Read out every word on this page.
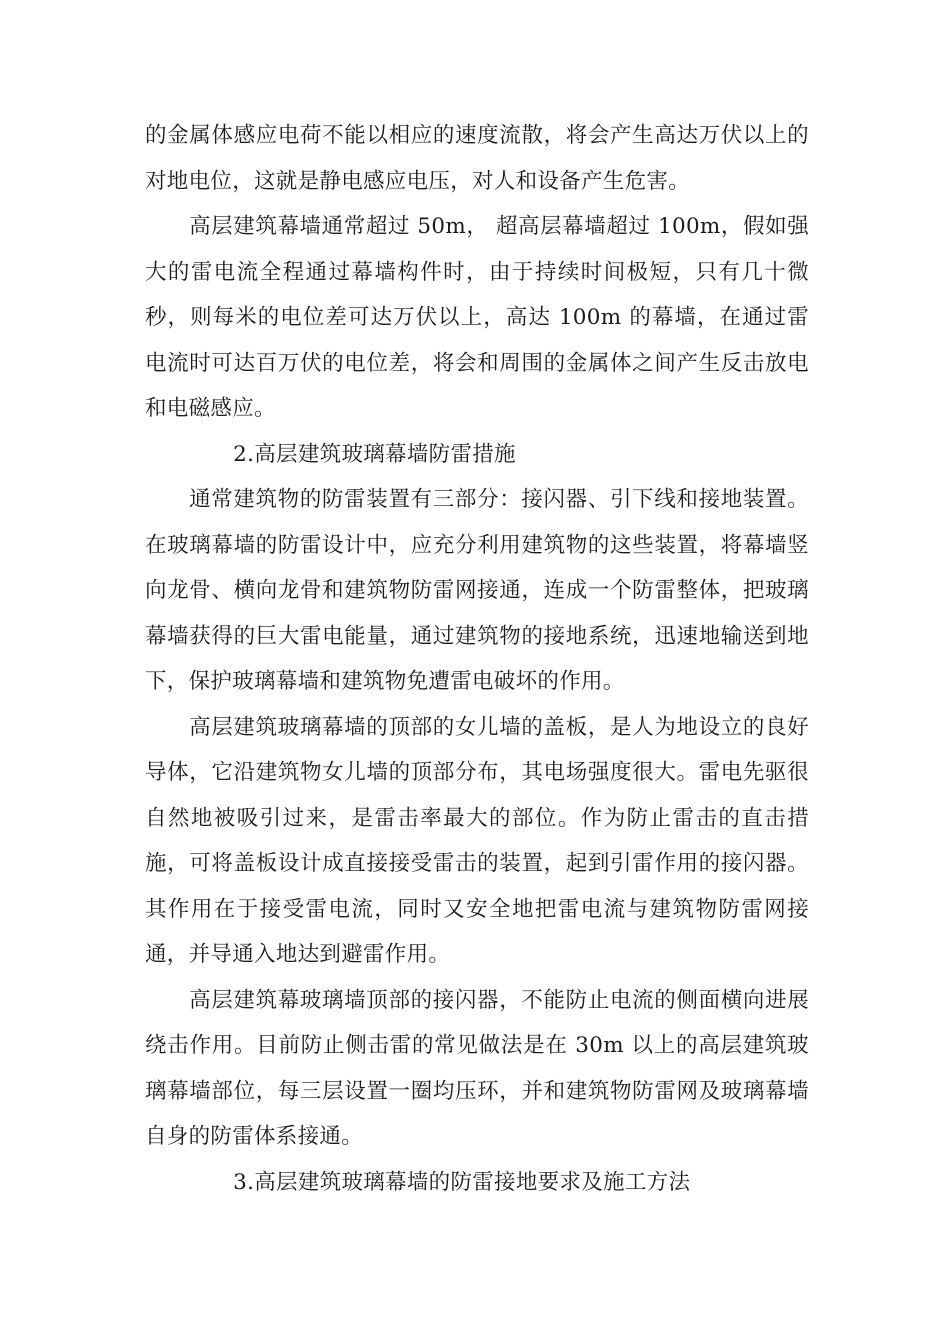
的金属体感应电荷不能以相应的速度流散，将会产生高达万伏以上的对地电位，这就是静电感应电压，对人和设备产生危害。

高层建筑幕墙通常超过 50m， 超高层幕墙超过 100m，假如强大的雷电流全程通过幕墙构件时，由于持续时间极短，只有几十微秒，则每米的电位差可达万伏以上，高达 100m 的幕墙，在通过雷电流时可达百万伏的电位差，将会和周围的金属体之间产生反击放电和电磁感应。

2.高层建筑玻璃幕墙防雷措施

通常建筑物的防雷装置有三部分：接闪器、引下线和接地装置。在玻璃幕墙的防雷设计中，应充分利用建筑物的这些装置，将幕墙竖向龙骨、横向龙骨和建筑物防雷网接通，连成一个防雷整体，把玻璃幕墙获得的巨大雷电能量，通过建筑物的接地系统，迅速地输送到地下，保护玻璃幕墙和建筑物免遭雷电破坏的作用。

高层建筑玻璃幕墙的顶部的女儿墙的盖板，是人为地设立的良好导体，它沿建筑物女儿墙的顶部分布，其电场强度很大。雷电先驱很自然地被吸引过来，是雷击率最大的部位。作为防止雷击的直击措施，可将盖板设计成直接接受雷击的装置，起到引雷作用的接闪器。其作用在于接受雷电流，同时又安全地把雷电流与建筑物防雷网接通，并导通入地达到避雷作用。

高层建筑幕玻璃墙顶部的接闪器，不能防止电流的侧面横向进展绕击作用。目前防止侧击雷的常见做法是在 30m 以上的高层建筑玻璃幕墙部位，每三层设置一圈均压环，并和建筑物防雷网及玻璃幕墙自身的防雷体系接通。

3.高层建筑玻璃幕墙的防雷接地要求及施工方法
